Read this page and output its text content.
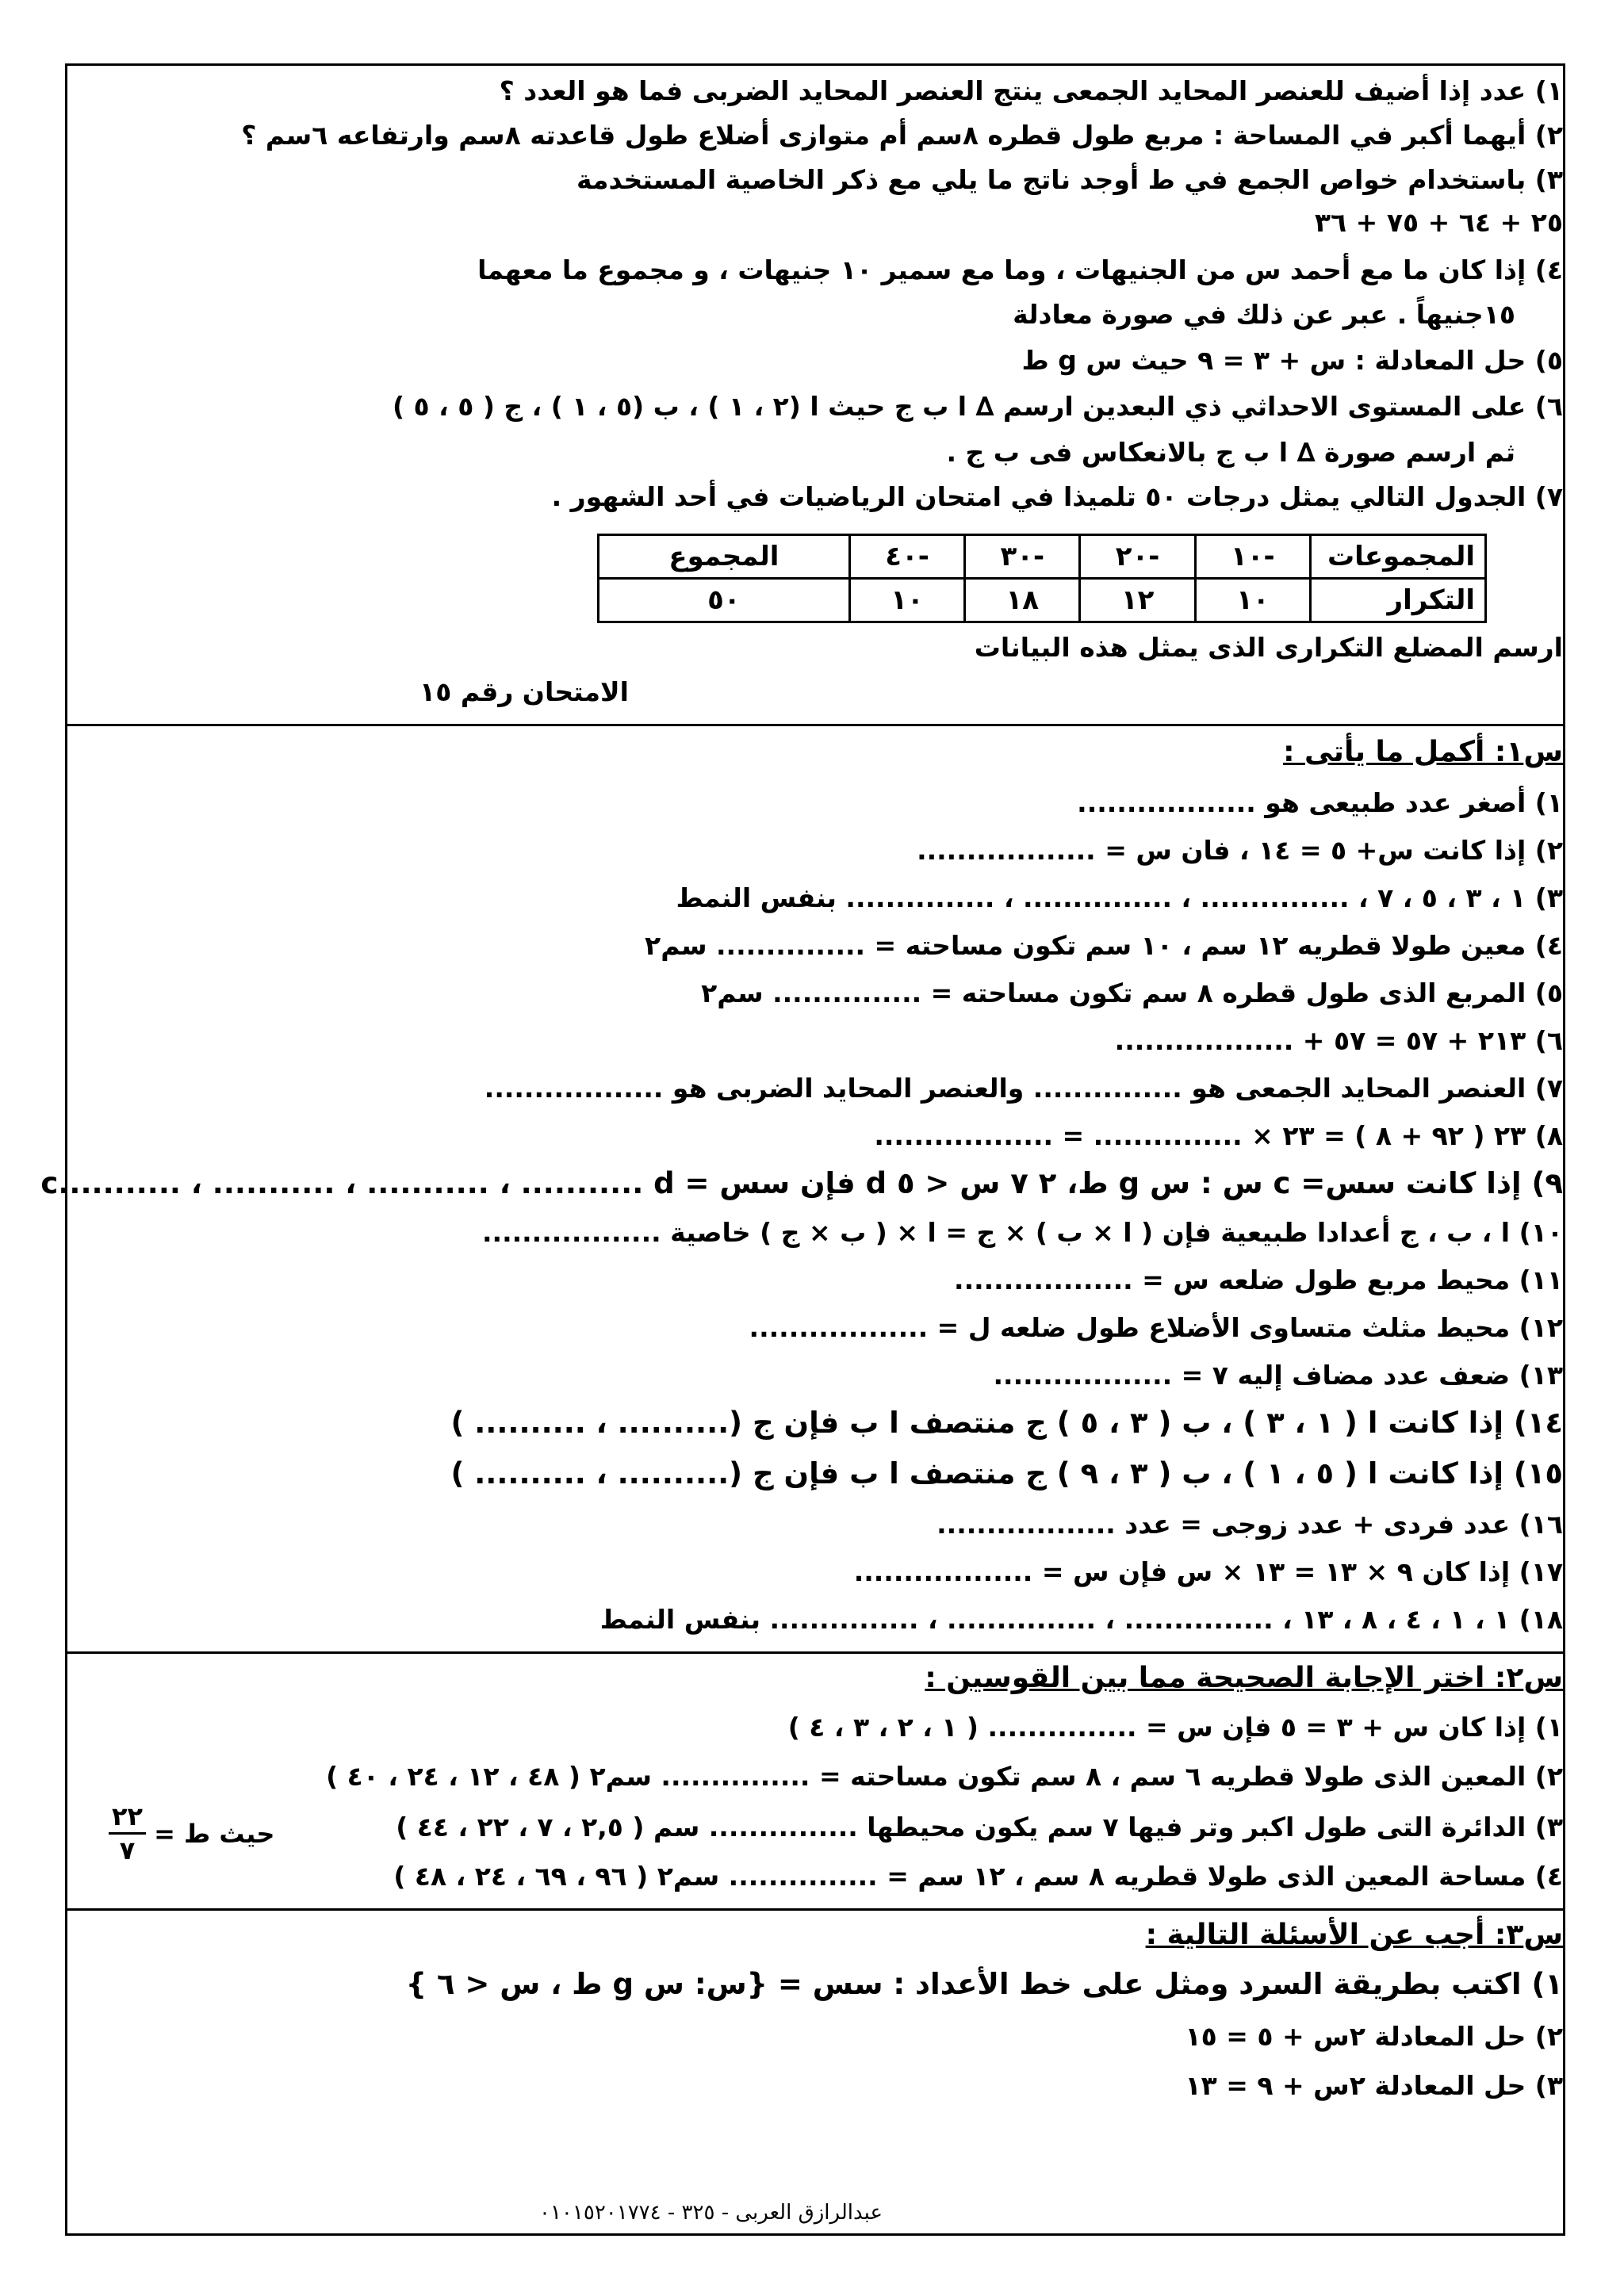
١) عدد إذا أضيف للعنصر المحايد الجمعى ينتج العنصر المحايد الضربى فما هو العدد ؟
٢) أيهما أكبر في المساحة : مربع طول قطره ٨سم أم متوازى أضلاع طول قاعدته ٨سم وارتفاعه ٦سم ؟
٣) باستخدام خواص الجمع في ط أوجد ناتج ما يلي مع ذكر الخاصية المستخدمة
٢٥ + ٦٤ + ٧٥ + ٣٦
٤) إذا كان ما مع أحمد س من الجنيهات ، وما مع سمير ١٠ جنيهات ، و مجموع ما معهما
١٥جنيهاً . عبر عن ذلك في صورة معادلة
٥) حل المعادلة : س + ٣ = ٩ حيث س g ط
٦) على المستوى الاحداثي ذي البعدين ارسم ∆ ا ب ج حيث ا (٢ ، ١ ) ، ب (٥ ، ١ ) ، ج ( ٥ ، ٥ )
ثم ارسم صورة ∆ ا ب ج بالانعكاس فى ب ج .
٧) الجدول التالي يمثل درجات ٥٠ تلميذا في امتحان الرياضيات في أحد الشهور .
المجموعات	-١٠	-٢٠	-٣٠	-٤٠	المجموع
التكرار	١٠	١٢	١٨	١٠	٥٠
ارسم المضلع التكرارى الذى يمثل هذه البيانات
الامتحان رقم ١٥
س١: أكمل ما يأتى :
١) أصغر عدد طبيعى هو ..................
٢) إذا كانت س+ ٥ = ١٤ ، فان س = ..................
٣) ١ ، ٣ ، ٥ ، ٧ ، ............... ، ............... ، ............... بنفس النمط
٤) معين طولا قطريه ١٢ سم ، ١٠ سم تكون مساحته = ............... سم٢
٥) المربع الذى طول قطره ٨ سم تكون مساحته = ............... سم٢
٦) ٢١٣ + ٥٧ = ٥٧ + ..................
٧) العنصر المحايد الجمعى هو ............... والعنصر المحايد الضربى هو ..................
٨) ٢٣ ( ٩٢ + ٨ ) = ٢٣ × ............... = ..................
٩) إذا كانت سس= c س : س g ط، ٢ ٧ س < ٥ d فإن سس = c........... ، ........... ، ........... ، ........... d
١٠) ا ، ب ، ج أعدادا طبيعية فإن ( ا × ب ) × ج = ا × ( ب × ج ) خاصية ..................
١١) محيط مربع طول ضلعه س = ..................
١٢) محيط مثلث متساوى الأضلاع طول ضلعه ل = ..................
١٣) ضعف عدد مضاف إليه ٧ = ..................
١٤) إذا كانت ا ( ١ ، ٣ ) ، ب ( ٣ ، ٥ ) ج منتصف ا ب فإن ج (.......... ، .......... )
١٥) إذا كانت ا ( ٥ ، ١ ) ، ب ( ٣ ، ٩ ) ج منتصف ا ب فإن ج (.......... ، .......... )
١٦) عدد فردى + عدد زوجى = عدد ..................
١٧) إذا كان ٩ × ١٣ = ١٣ × س فإن س = ..................
١٨) ١ ، ١ ، ٤ ، ٨ ، ١٣ ، ............... ، ............... ، ............... بنفس النمط
س٢: اختر الإجابة الصحيحة مما بين القوسين :
١) إذا كان س + ٣ = ٥ فإن س = ............... ( ١ ، ٢ ، ٣ ، ٤ )
٢) المعين الذى طولا قطريه ٦ سم ، ٨ سم تكون مساحته = ............... سم٢ ( ٤٨ ، ١٢ ، ٢٤ ، ٤٠ )
٣) الدائرة التى طول اكبر وتر فيها ٧ سم يكون محيطها ............... سم ( ٢,٥ ، ٧ ، ٢٢ ، ٤٤ )
حيث ط =
$\frac{٢٢}{٧}$
٤) مساحة المعين الذى طولا قطريه ٨ سم ، ١٢ سم = ............... سم٢ ( ٩٦ ، ٦٩ ، ٢٤ ، ٤٨ )
س٣: أجب عن الأسئلة التالية :
١) اكتب بطريقة السرد ومثل على خط الأعداد : سس = {س: س g ط ، س < ٦ }
٢) حل المعادلة ٢س + ٥ = ١٥
٣) حل المعادلة ٢س + ٩ = ١٣
عبدالرازق العربى - ٣٢٥ - ٠١٠١٥٢٠١٧٧٤
